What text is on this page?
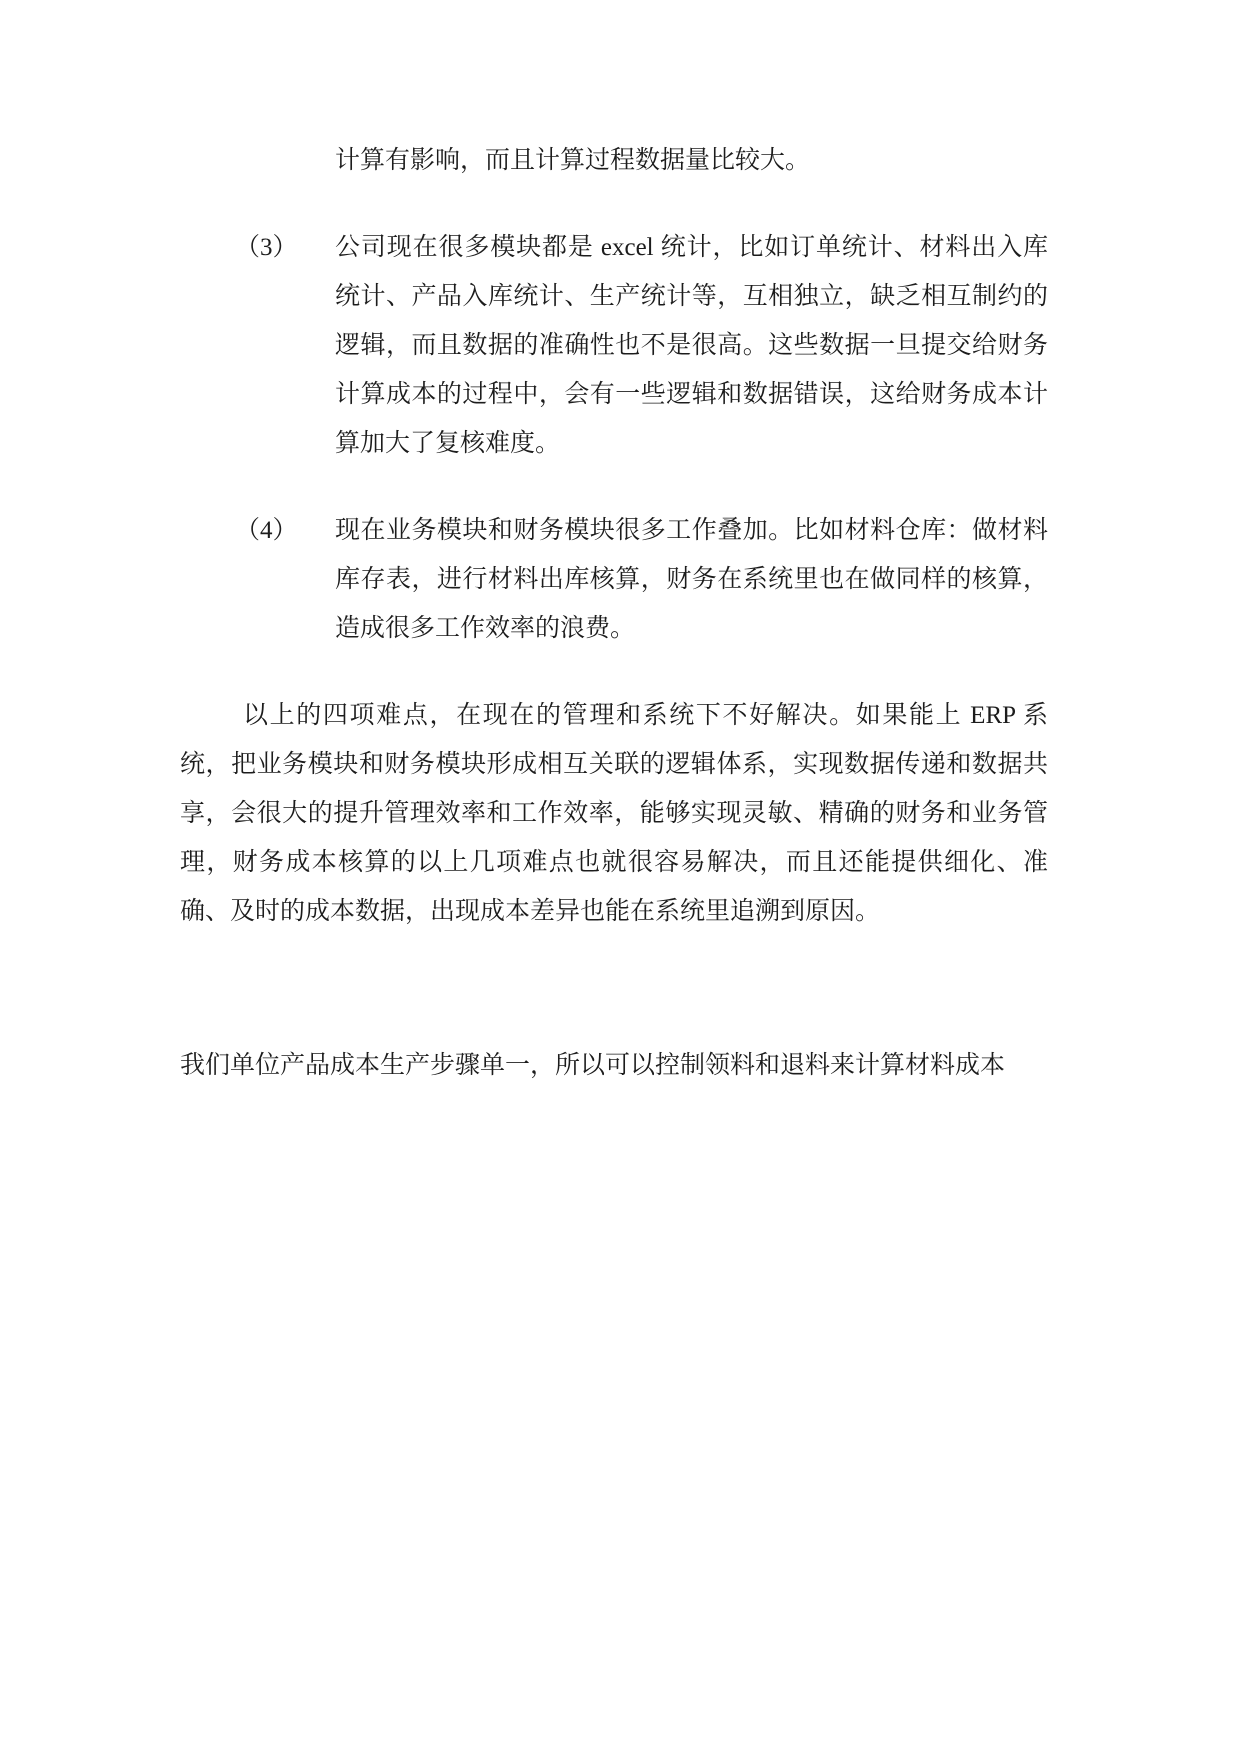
计算有影响，而且计算过程数据量比较大。
（3）	公司现在很多模块都是 excel 统计，比如订单统计、材料出入库统计、产品入库统计、生产统计等，互相独立，缺乏相互制约的逻辑，而且数据的准确性也不是很高。这些数据一旦提交给财务计算成本的过程中，会有一些逻辑和数据错误，这给财务成本计算加大了复核难度。
（4）	现在业务模块和财务模块很多工作叠加。比如材料仓库：做材料库存表，进行材料出库核算，财务在系统里也在做同样的核算，造成很多工作效率的浪费。

以上的四项难点，在现在的管理和系统下不好解决。如果能上 ERP 系统，把业务模块和财务模块形成相互关联的逻辑体系，实现数据传递和数据共享，会很大的提升管理效率和工作效率，能够实现灵敏、精确的财务和业务管理，财务成本核算的以上几项难点也就很容易解决，而且还能提供细化、准确、及时的成本数据，出现成本差异也能在系统里追溯到原因。

我们单位产品成本生产步骤单一，所以可以控制领料和退料来计算材料成本
